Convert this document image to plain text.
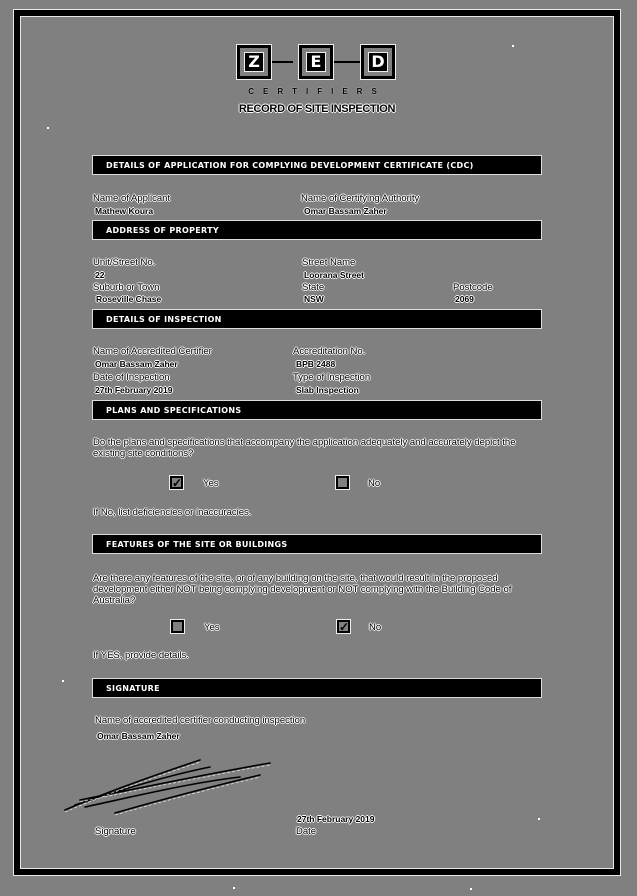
Z	E	D
CERTIFIERS
RECORD OF SITE INSPECTION
DETAILS OF APPLICATION FOR COMPLYING DEVELOPMENT CERTIFICATE (CDC)
Name of Applicant
Mathew Koura
Name of Certifying Authority
Omar Bassam Zaher
ADDRESS OF PROPERTY
Unit/Street No.
22
Street Name
Loorana Street
Suburb or Town
Roseville Chase
State
NSW
Postcode
2069
DETAILS OF INSPECTION
Name of Accredited Certifier
Omar Bassam Zaher
Accreditation No.
BPB 2488
Date of Inspection
27th February 2019
Type of Inspection
Slab Inspection
PLANS AND SPECIFICATIONS
Do the plans and specifications that accompany the application adequately and accurately depict the existing site conditions?
✓ Yes	No
If No, list deficiencies or inaccuracies.
FEATURES OF THE SITE OR BUILDINGS
Are there any features of the site, or of any building on the site, that would result in the proposed development either NOT being complying development or NOT complying with the Building Code of Australia?
Yes	✓ No
If YES, provide details.
SIGNATURE
Name of accredited certifier conducting inspection
Omar Bassam Zaher
27th February 2019
Signature	Date
